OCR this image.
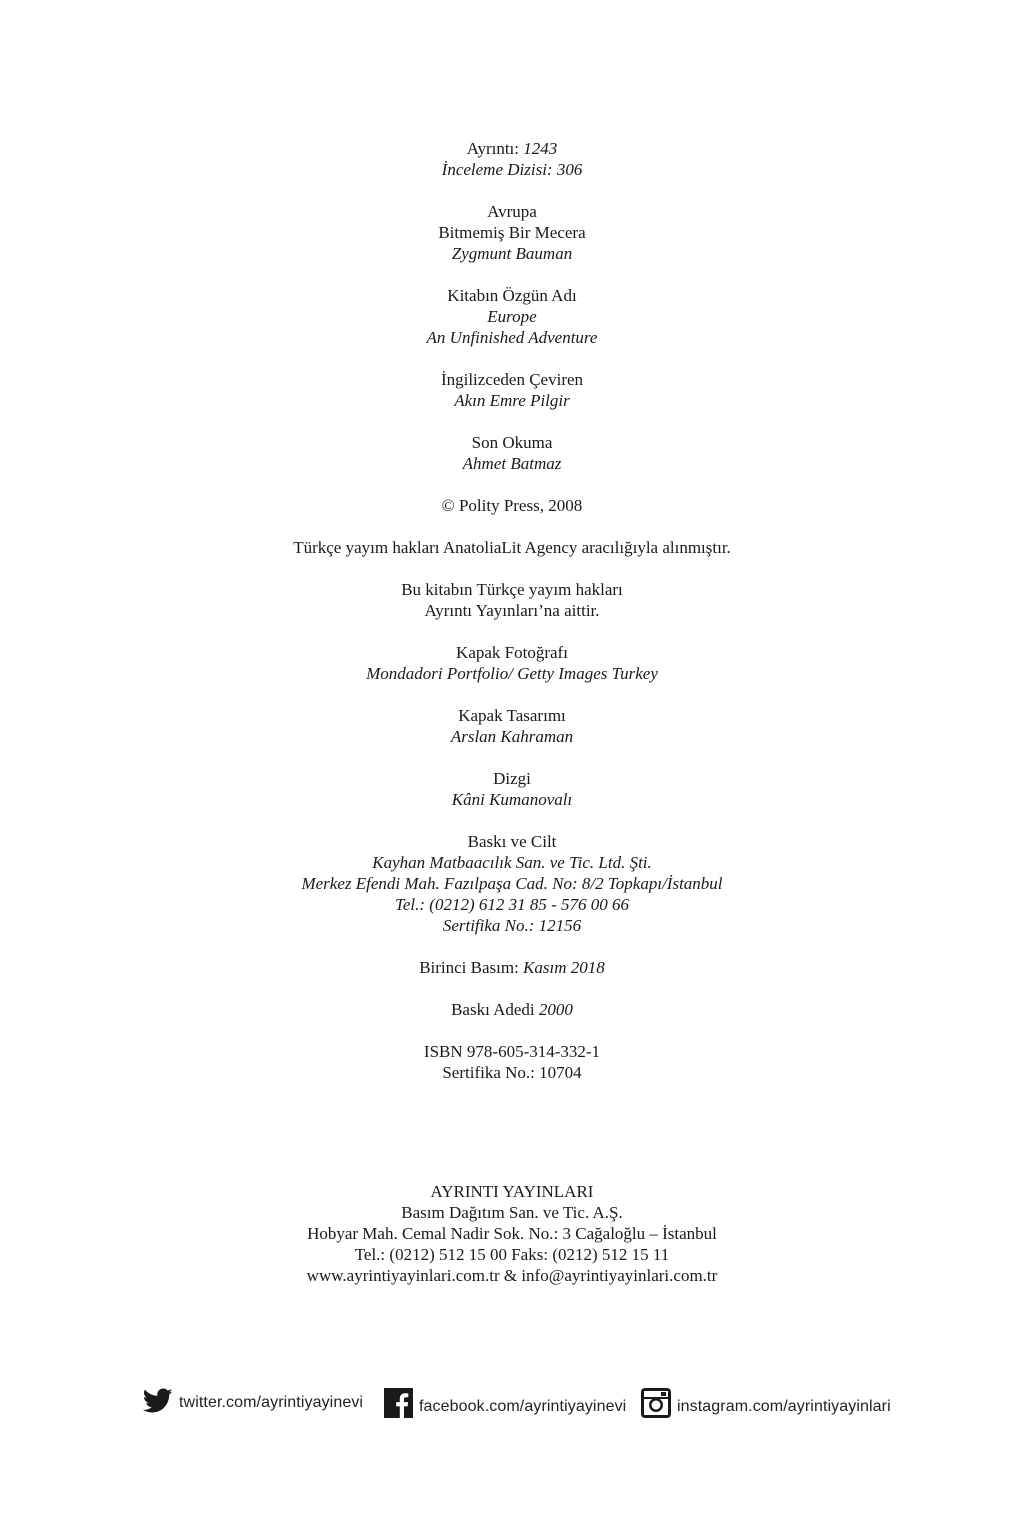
Ayrıntı: 1243
İnceleme Dizisi: 306
Avrupa
Bitmemiş Bir Mecera
Zygmunt Bauman
Kitabın Özgün Adı
Europe
An Unfinished Adventure
İngilizceden Çeviren
Akın Emre Pilgir
Son Okuma
Ahmet Batmaz
© Polity Press, 2008
Türkçe yayım hakları AnatoliaLit Agency aracılığıyla alınmıştır.
Bu kitabın Türkçe yayım hakları
Ayrıntı Yayınları’na aittir.
Kapak Fotoğrafı
Mondadori Portfolio/ Getty Images Turkey
Kapak Tasarımı
Arslan Kahraman
Dizgi
Kâni Kumanovalı
Baskı ve Cilt
Kayhan Matbaacılık San. ve Tic. Ltd. Şti.
Merkez Efendi Mah. Fazılpaşa Cad. No: 8/2 Topkapı/İstanbul
Tel.: (0212) 612 31 85 - 576 00 66
Sertifika No.: 12156
Birinci Basım: Kasım 2018
Baskı Adedi 2000
ISBN 978-605-314-332-1
Sertifika No.: 10704
AYRINTI YAYINLARI
Basım Dağıtım San. ve Tic. A.Ş.
Hobyar Mah. Cemal Nadir Sok. No.: 3 Cağaloğlu – İstanbul
Tel.: (0212) 512 15 00 Faks: (0212) 512 15 11
www.ayrintiyayinlari.com.tr & info@ayrintiyayinlari.com.tr
twitter.com/ayrintiyayinevi	facebook.com/ayrintiyayinevi	instagram.com/ayrintiyayinlari
